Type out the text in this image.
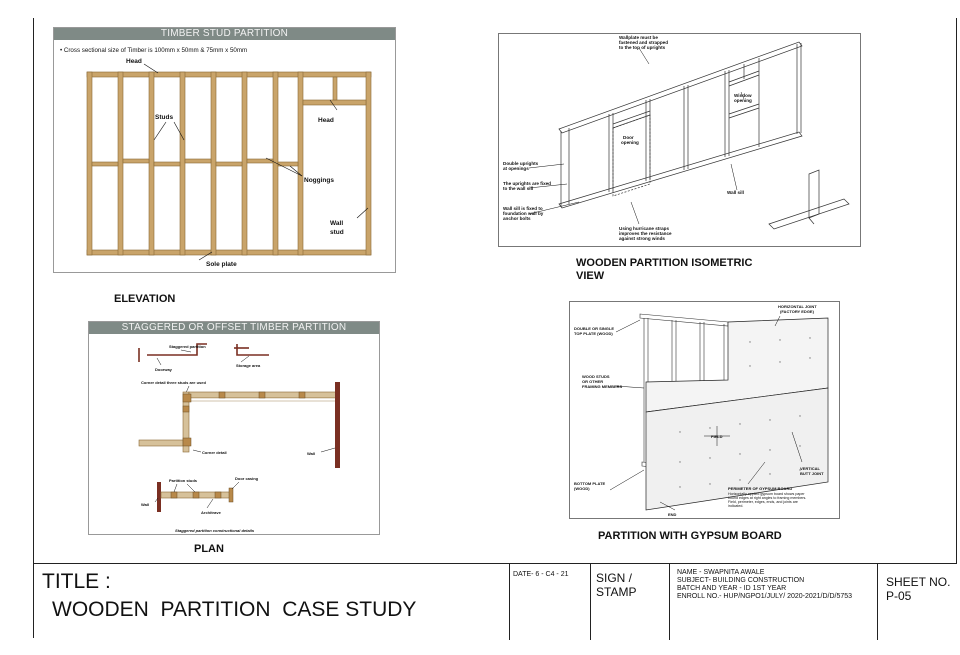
TIMBER STUD PARTITION
• Cross sectional size of Timber is 100mm x 50mm & 75mm x 50mm
Head
Studs	Head
Noggings
Wall
stud
Sole plate
ELEVATION
Wallplate must be
fastened and strapped
to the top of uprights
Window
opening
Door
opening
Double uprights
at openings
The uprights are fixed
to the wall sill
Wall sill is fixed to
foundation wall by
anchor bolts
Using hurricane straps
improves the resistance
against strong winds
Wall sill
WOODEN PARTITION ISOMETRIC
VIEW
STAGGERED OR OFFSET TIMBER PARTITION
Staggered partition
Doorway
Storage area
Corner detail three studs are used
Corner detail	Wall
Partition studs	Door casing
Wall
Architrave
Staggered partition constructional details
PLAN
HORIZONTAL JOINT
(FACTORY EDGE)
DOUBLE OR SINGLE
TOP PLATE (WOOD)
WOOD STUDS
OR OTHER
FRAMING MEMBERS
FIELD
VERTICAL
BUTT JOINT
BOTTOM PLATE
(WOOD)	PERIMETER OF GYPSUM BOARD
Horizontally applied gypsum board shows paper
bound edges at right angles to framing members.
Field, perimeter, edges, ends, and joints are
indicated.
END
PARTITION WITH GYPSUM BOARD
TITLE :
WOODEN  PARTITION  CASE STUDY
DATE- 6 - C4 - 21 SIGN /
STAMP
NAME - SWAPNITA AWALE
SUBJECT- BUILDING CONSTRUCTION
BATCH AND YEAR - ID 1ST YEAR
ENROLL NO.- HUP/NGPO1/JULY/ 2020-2021/D/D/5753
SHEET NO.
P-05
